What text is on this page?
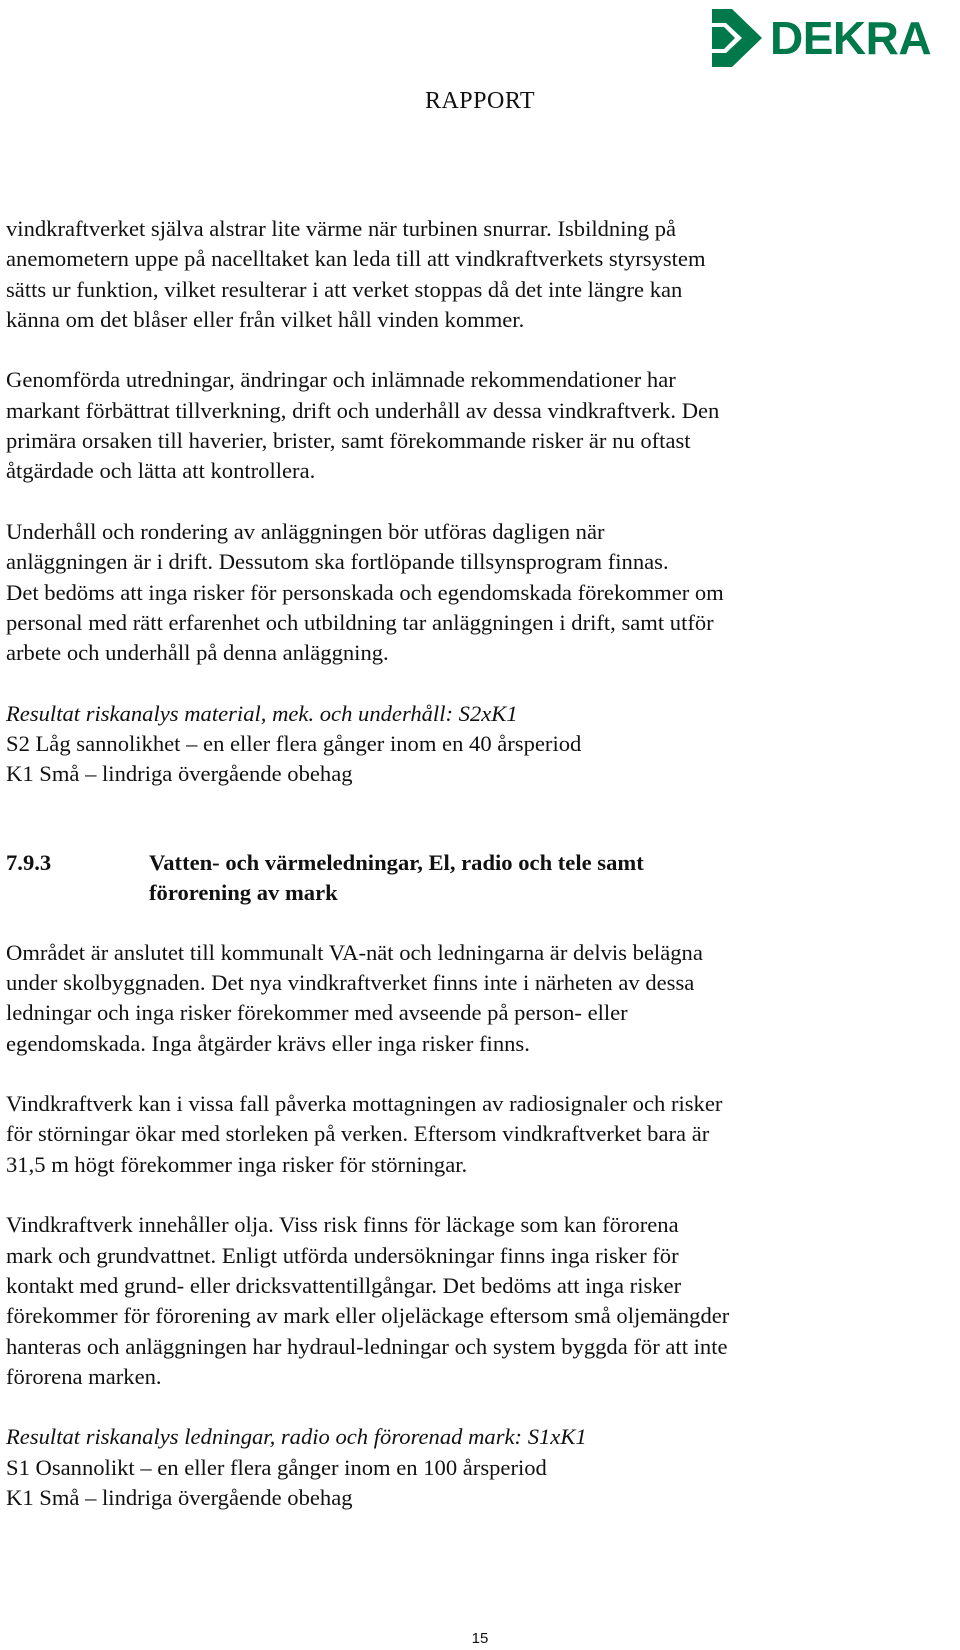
DEKRA
RAPPORT
vindkraftverket själva alstrar lite värme när turbinen snurrar. Isbildning på
anemometern uppe på nacelltaket kan leda till att vindkraftverkets styrsystem
sätts ur funktion, vilket resulterar i att verket stoppas då det inte längre kan
känna om det blåser eller från vilket håll vinden kommer.
Genomförda utredningar, ändringar och inlämnade rekommendationer har
markant förbättrat tillverkning, drift och underhåll av dessa vindkraftverk. Den
primära orsaken till haverier, brister, samt förekommande risker är nu oftast
åtgärdade och lätta att kontrollera.
Underhåll och rondering av anläggningen bör utföras dagligen när
anläggningen är i drift. Dessutom ska fortlöpande tillsynsprogram finnas.
Det bedöms att inga risker för personskada och egendomskada förekommer om
personal med rätt erfarenhet och utbildning tar anläggningen i drift, samt utför
arbete och underhåll på denna anläggning.
Resultat riskanalys material, mek. och underhåll: S2xK1
S2 Låg sannolikhet – en eller flera gånger inom en 40 årsperiod
K1 Små – lindriga övergående obehag
7.9.3	Vatten- och värmeledningar, El, radio och tele samt
förorening av mark
Området är anslutet till kommunalt VA-nät och ledningarna är delvis belägna
under skolbyggnaden. Det nya vindkraftverket finns inte i närheten av dessa
ledningar och inga risker förekommer med avseende på person- eller
egendomskada. Inga åtgärder krävs eller inga risker finns.
Vindkraftverk kan i vissa fall påverka mottagningen av radiosignaler och risker
för störningar ökar med storleken på verken. Eftersom vindkraftverket bara är
31,5 m högt förekommer inga risker för störningar.
Vindkraftverk innehåller olja. Viss risk finns för läckage som kan förorena
mark och grundvattnet. Enligt utförda undersökningar finns inga risker för
kontakt med grund- eller dricksvattentillgångar. Det bedöms att inga risker
förekommer för förorening av mark eller oljeläckage eftersom små oljemängder
hanteras och anläggningen har hydraul-ledningar och system byggda för att inte
förorena marken.
Resultat riskanalys ledningar, radio och förorenad mark: S1xK1
S1 Osannolikt – en eller flera gånger inom en 100 årsperiod
K1 Små – lindriga övergående obehag
15
